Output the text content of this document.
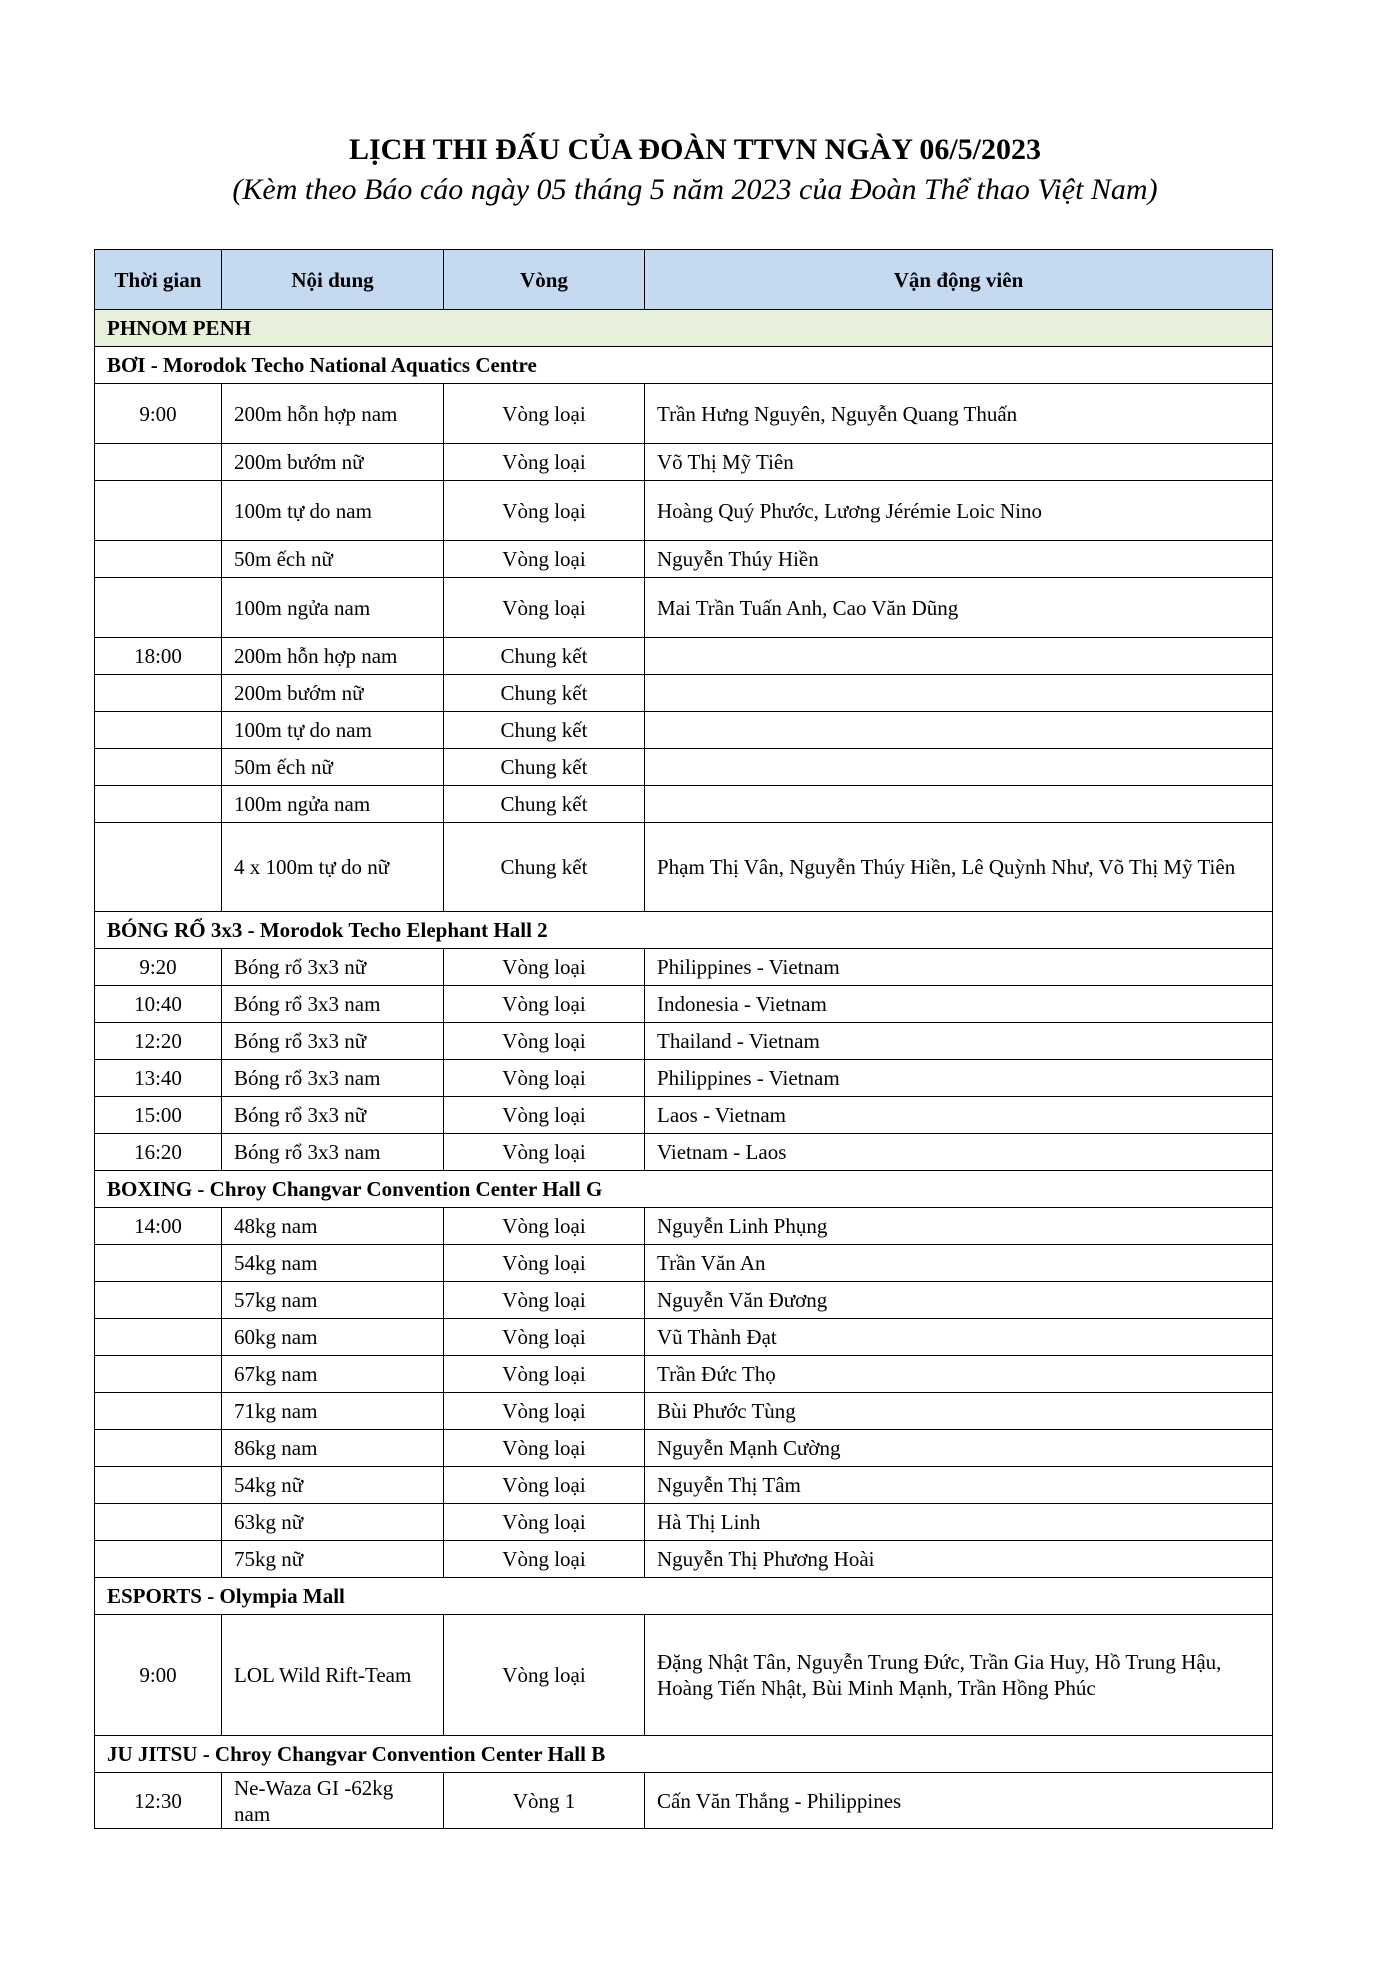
LỊCH THI ĐẤU CỦA ĐOÀN TTVN NGÀY 06/5/2023
(Kèm theo Báo cáo ngày 05 tháng 5 năm 2023 của Đoàn Thể thao Việt Nam)
Thời gian	Nội dung	Vòng	Vận động viên
PHNOM PENH			
BƠI - Morodok Techo National Aquatics Centre			
9:00	200m hỗn hợp nam	Vòng loại	Trần Hưng Nguyên, Nguyễn Quang Thuấn
	200m bướm nữ	Vòng loại	Võ Thị Mỹ Tiên
	100m tự do nam	Vòng loại	Hoàng Quý Phước, Lương Jérémie Loic Nino
	50m ếch nữ	Vòng loại	Nguyễn Thúy Hiền
	100m ngửa nam	Vòng loại	Mai Trần Tuấn Anh, Cao Văn Dũng
18:00	200m hỗn hợp nam	Chung kết	
	200m bướm nữ	Chung kết	
	100m tự do nam	Chung kết	
	50m ếch nữ	Chung kết	
	100m ngửa nam	Chung kết	
	4 x 100m tự do nữ	Chung kết	Phạm Thị Vân, Nguyễn Thúy Hiền, Lê Quỳnh Như, Võ Thị Mỹ Tiên
BÓNG RỔ 3x3 - Morodok Techo Elephant Hall 2			
9:20	Bóng rổ 3x3 nữ	Vòng loại	Philippines - Vietnam
10:40	Bóng rổ 3x3 nam	Vòng loại	Indonesia - Vietnam
12:20	Bóng rổ 3x3 nữ	Vòng loại	Thailand - Vietnam
13:40	Bóng rổ 3x3 nam	Vòng loại	Philippines - Vietnam
15:00	Bóng rổ 3x3 nữ	Vòng loại	Laos - Vietnam
16:20	Bóng rổ 3x3 nam	Vòng loại	Vietnam - Laos
BOXING - Chroy Changvar Convention Center Hall G			
14:00	48kg nam	Vòng loại	Nguyễn Linh Phụng
	54kg nam	Vòng loại	Trần Văn An
	57kg nam	Vòng loại	Nguyễn Văn Đương
	60kg nam	Vòng loại	Vũ Thành Đạt
	67kg nam	Vòng loại	Trần Đức Thọ
	71kg nam	Vòng loại	Bùi Phước Tùng
	86kg nam	Vòng loại	Nguyễn Mạnh Cường
	54kg nữ	Vòng loại	Nguyễn Thị Tâm
	63kg nữ	Vòng loại	Hà Thị Linh
	75kg nữ	Vòng loại	Nguyễn Thị Phương Hoài
ESPORTS - Olympia Mall			
9:00	LOL Wild Rift-Team	Vòng loại	Đặng Nhật Tân, Nguyễn Trung Đức, Trần Gia Huy, Hồ Trung Hậu, Hoàng Tiến Nhật, Bùi Minh Mạnh, Trần Hồng Phúc
JU JITSU - Chroy Changvar Convention Center Hall B			
12:30	Ne-Waza GI -62kg nam	Vòng 1	Cấn Văn Thắng - Philippines
